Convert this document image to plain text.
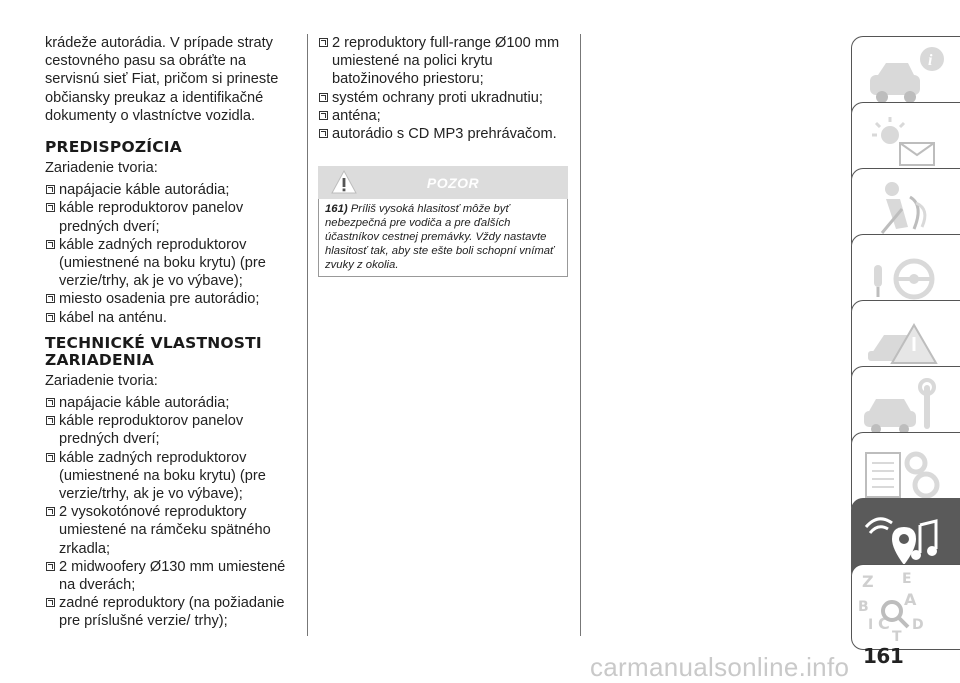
krádeže autorádia. V prípade straty cestovného pasu sa obráťte na servisnú sieť Fiat, pričom si prineste občiansky preukaz a identifikačné dokumenty o vlastníctve vozidla.

PREDISPOZÍCIA

Zariadenie tvoria:

napájacie káble autorádia;

káble reproduktorov panelov predných dverí;

káble zadných reproduktorov (umiestnené na boku krytu) (pre verzie/trhy, ak je vo výbave);

miesto osadenia pre autorádio;

kábel na anténu.

TECHNICKÉ VLASTNOSTI ZARIADENIA

Zariadenie tvoria:

napájacie káble autorádia;

káble reproduktorov panelov predných dverí;

káble zadných reproduktorov (umiestnené na boku krytu) (pre verzie/trhy, ak je vo výbave);

2 vysokotónové reproduktory umiestené na rámčeku spätného zrkadla;

2 midwoofery Ø130 mm umiestené na dverách;

zadné reproduktory (na požiadanie pre príslušné verzie/ trhy);

2 reproduktory full-range Ø100 mm umiestené na polici krytu batožinového priestoru;

systém ochrany proti ukradnutiu;

anténa;

autorádio s CD MP3 prehrávačom.

POZOR
161) Príliš vysoká hlasitosť môže byť nebezpečná pre vodiča a pre ďalších účastníkov cestnej premávky. Vždy nastavte hlasitosť tak, aby ste ešte boli schopní vnímať zvuky z okolia.
i
Z E
B A
I C
T
D
161
carmanualsonline.info
